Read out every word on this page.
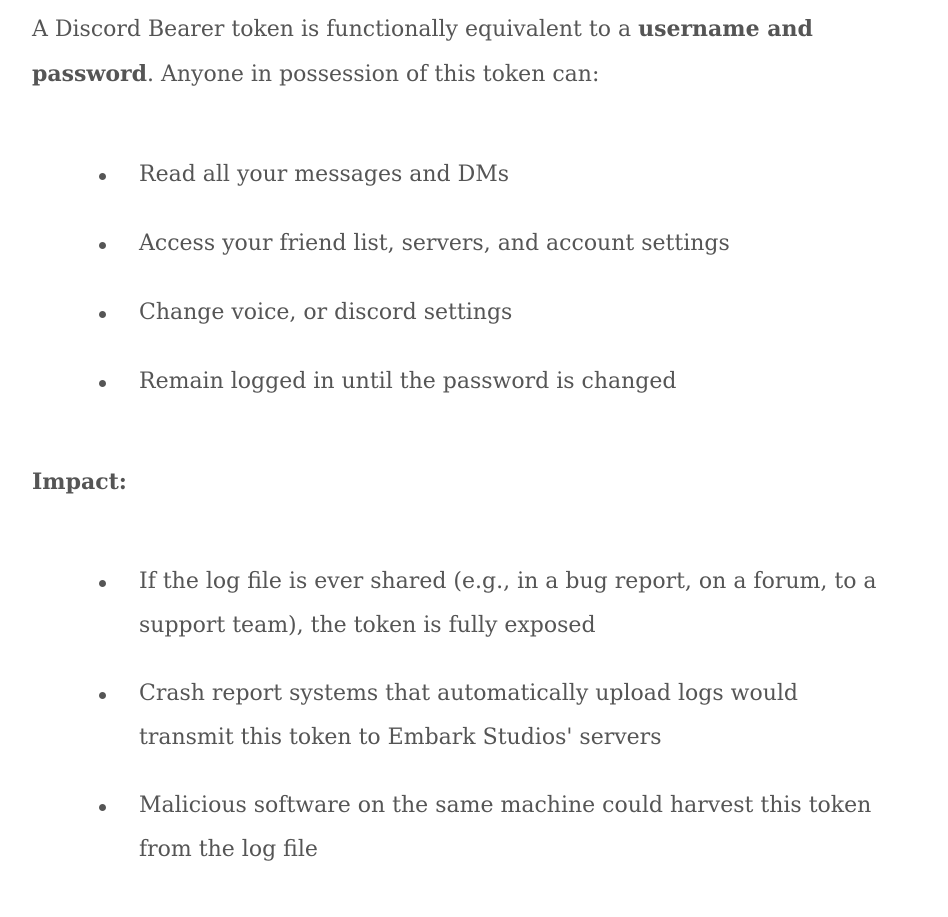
A Discord Bearer token is functionally equivalent to a username and password. Anyone in possession of this token can:

Read all your messages and DMs
Access your friend list, servers, and account settings
Change voice, or discord settings
Remain logged in until the password is changed

Impact:

If the log file is ever shared (e.g., in a bug report, on a forum, to a support team), the token is fully exposed
Crash report systems that automatically upload logs would transmit this token to Embark Studios' servers
Malicious software on the same machine could harvest this token from the log file
